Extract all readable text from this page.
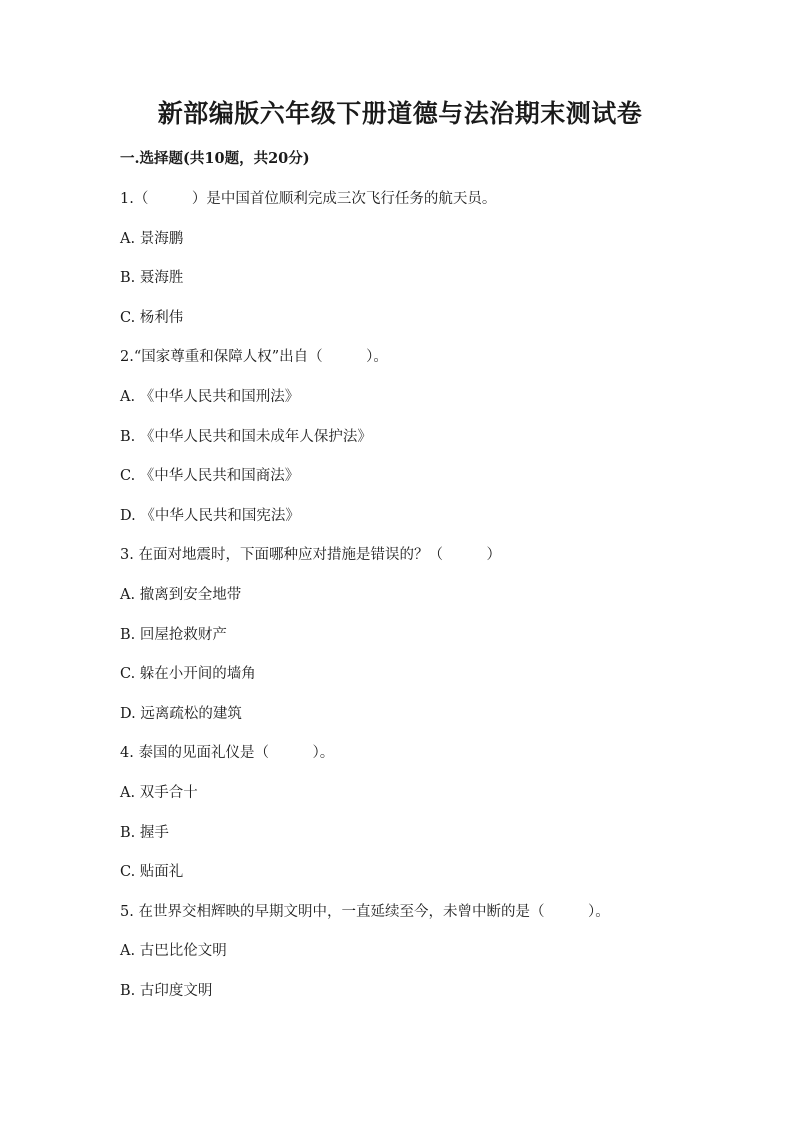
新部编版六年级下册道德与法治期末测试卷
一.选择题(共10题，共20分)
1.（　　　）是中国首位顺利完成三次飞行任务的航天员。
A. 景海鹏
B. 聂海胜
C. 杨利伟
2.“国家尊重和保障人权”出自（　　　）。
A. 《中华人民共和国刑法》
B. 《中华人民共和国未成年人保护法》
C. 《中华人民共和国商法》
D. 《中华人民共和国宪法》
3. 在面对地震时，下面哪种应对措施是错误的？（　　　）
A. 撤离到安全地带
B. 回屋抢救财产
C. 躲在小开间的墙角
D. 远离疏松的建筑
4. 泰国的见面礼仪是（　　　）。
A. 双手合十
B. 握手
C. 贴面礼
5. 在世界交相辉映的早期文明中，一直延续至今，未曾中断的是（　　　）。
A. 古巴比伦文明
B. 古印度文明
